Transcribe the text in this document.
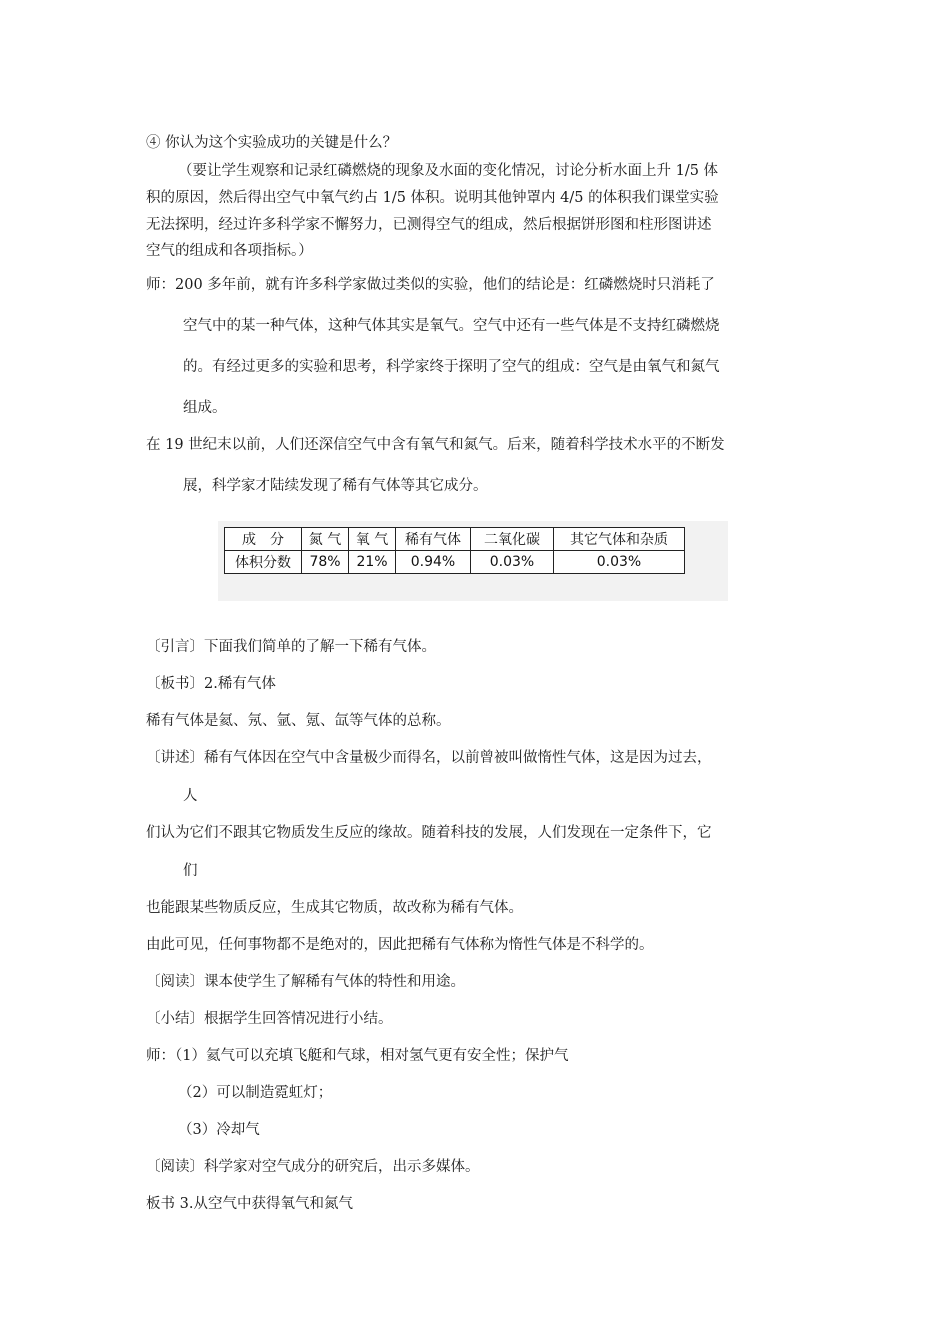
④ 你认为这个实验成功的关键是什么？
（要让学生观察和记录红磷燃烧的现象及水面的变化情况，讨论分析水面上升 1/5 体
积的原因，然后得出空气中氧气约占 1/5 体积。说明其他钟罩内 4/5 的体积我们课堂实验
无法探明，经过许多科学家不懈努力，已测得空气的组成，然后根据饼形图和柱形图讲述
空气的组成和各项指标。）
师：200 多年前，就有许多科学家做过类似的实验，他们的结论是：红磷燃烧时只消耗了
空气中的某一种气体，这种气体其实是氧气。空气中还有一些气体是不支持红磷燃烧
的。有经过更多的实验和思考，科学家终于探明了空气的组成：空气是由氧气和氮气
组成。
在 19 世纪末以前，人们还深信空气中含有氧气和氮气。后来，随着科学技术水平的不断发
展，科学家才陆续发现了稀有气体等其它成分。
成　分	氮 气	氧 气	稀有气体	二氧化碳	其它气体和杂质
体积分数	78%	21%	0.94%	0.03%	0.03%
〔引言〕下面我们简单的了解一下稀有气体。
〔板书〕2.稀有气体
稀有气体是氦、氖、氩、氪、氙等气体的总称。
〔讲述〕稀有气体因在空气中含量极少而得名，以前曾被叫做惰性气体，这是因为过去，
人
们认为它们不跟其它物质发生反应的缘故。随着科技的发展，人们发现在一定条件下，它
们
也能跟某些物质反应，生成其它物质，故改称为稀有气体。
由此可见，任何事物都不是绝对的，因此把稀有气体称为惰性气体是不科学的。
〔阅读〕课本使学生了解稀有气体的特性和用途。
〔小结〕根据学生回答情况进行小结。
师：（1）氦气可以充填飞艇和气球，相对氢气更有安全性；保护气
（2）可以制造霓虹灯；
（3）冷却气
〔阅读〕科学家对空气成分的研究后，出示多媒体。
板书 3.从空气中获得氧气和氮气
